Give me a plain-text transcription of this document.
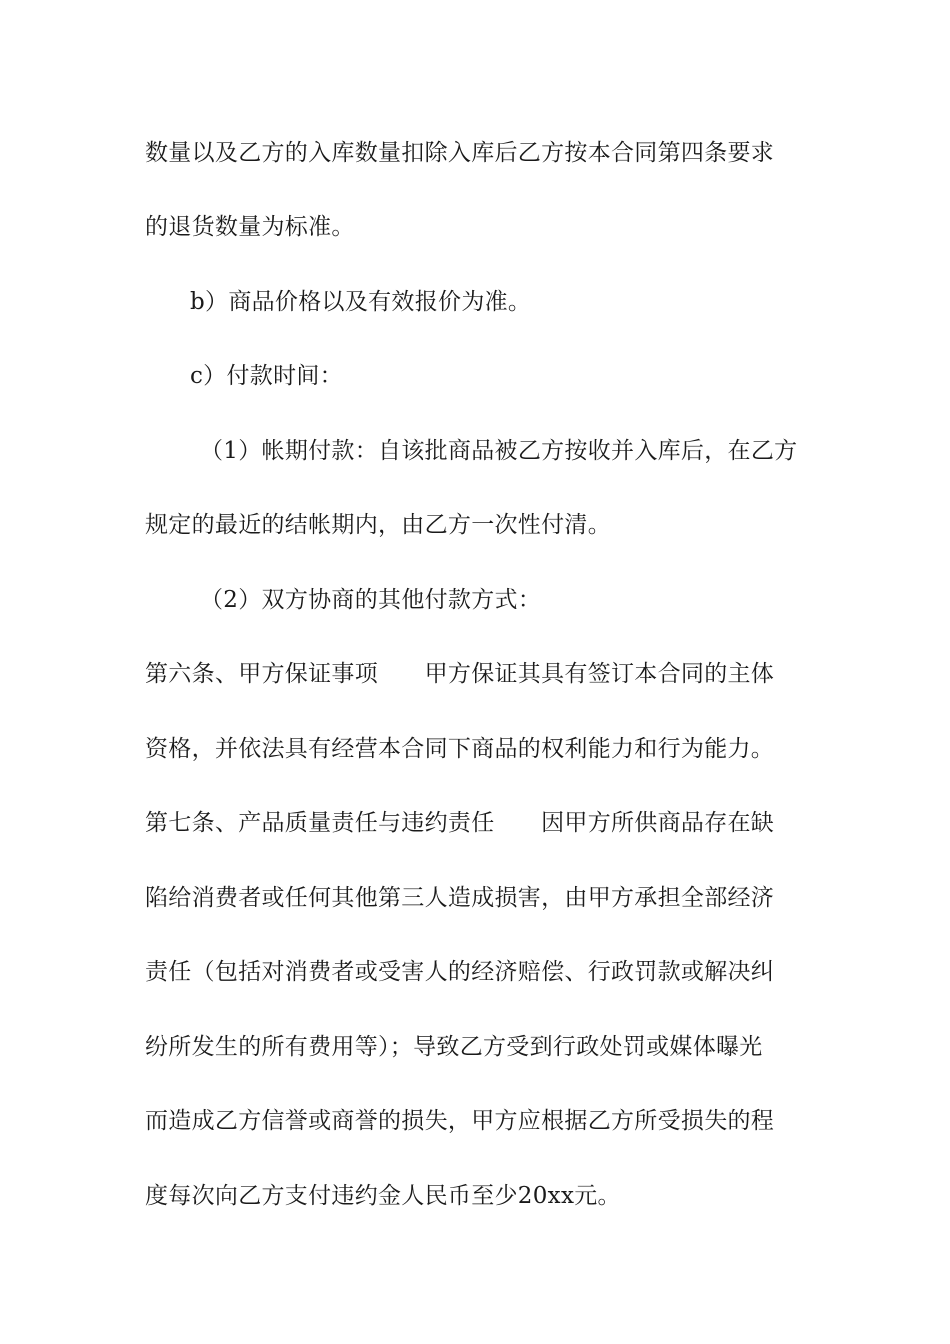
数量以及乙方的入库数量扣除入库后乙方按本合同第四条要求
的退货数量为标准。
b）商品价格以及有效报价为准。
c）付款时间：
（1）帐期付款：自该批商品被乙方按收并入库后，在乙方
规定的最近的结帐期内，由乙方一次性付清。
（2）双方协商的其他付款方式：
第六条、甲方保证事项　　甲方保证其具有签订本合同的主体
资格，并依法具有经营本合同下商品的权利能力和行为能力。
第七条、产品质量责任与违约责任　　因甲方所供商品存在缺
陷给消费者或任何其他第三人造成损害，由甲方承担全部经济
责任（包括对消费者或受害人的经济赔偿、行政罚款或解决纠
纷所发生的所有费用等）；导致乙方受到行政处罚或媒体曝光
而造成乙方信誉或商誉的损失，甲方应根据乙方所受损失的程
度每次向乙方支付违约金人民币至少20xx元。
